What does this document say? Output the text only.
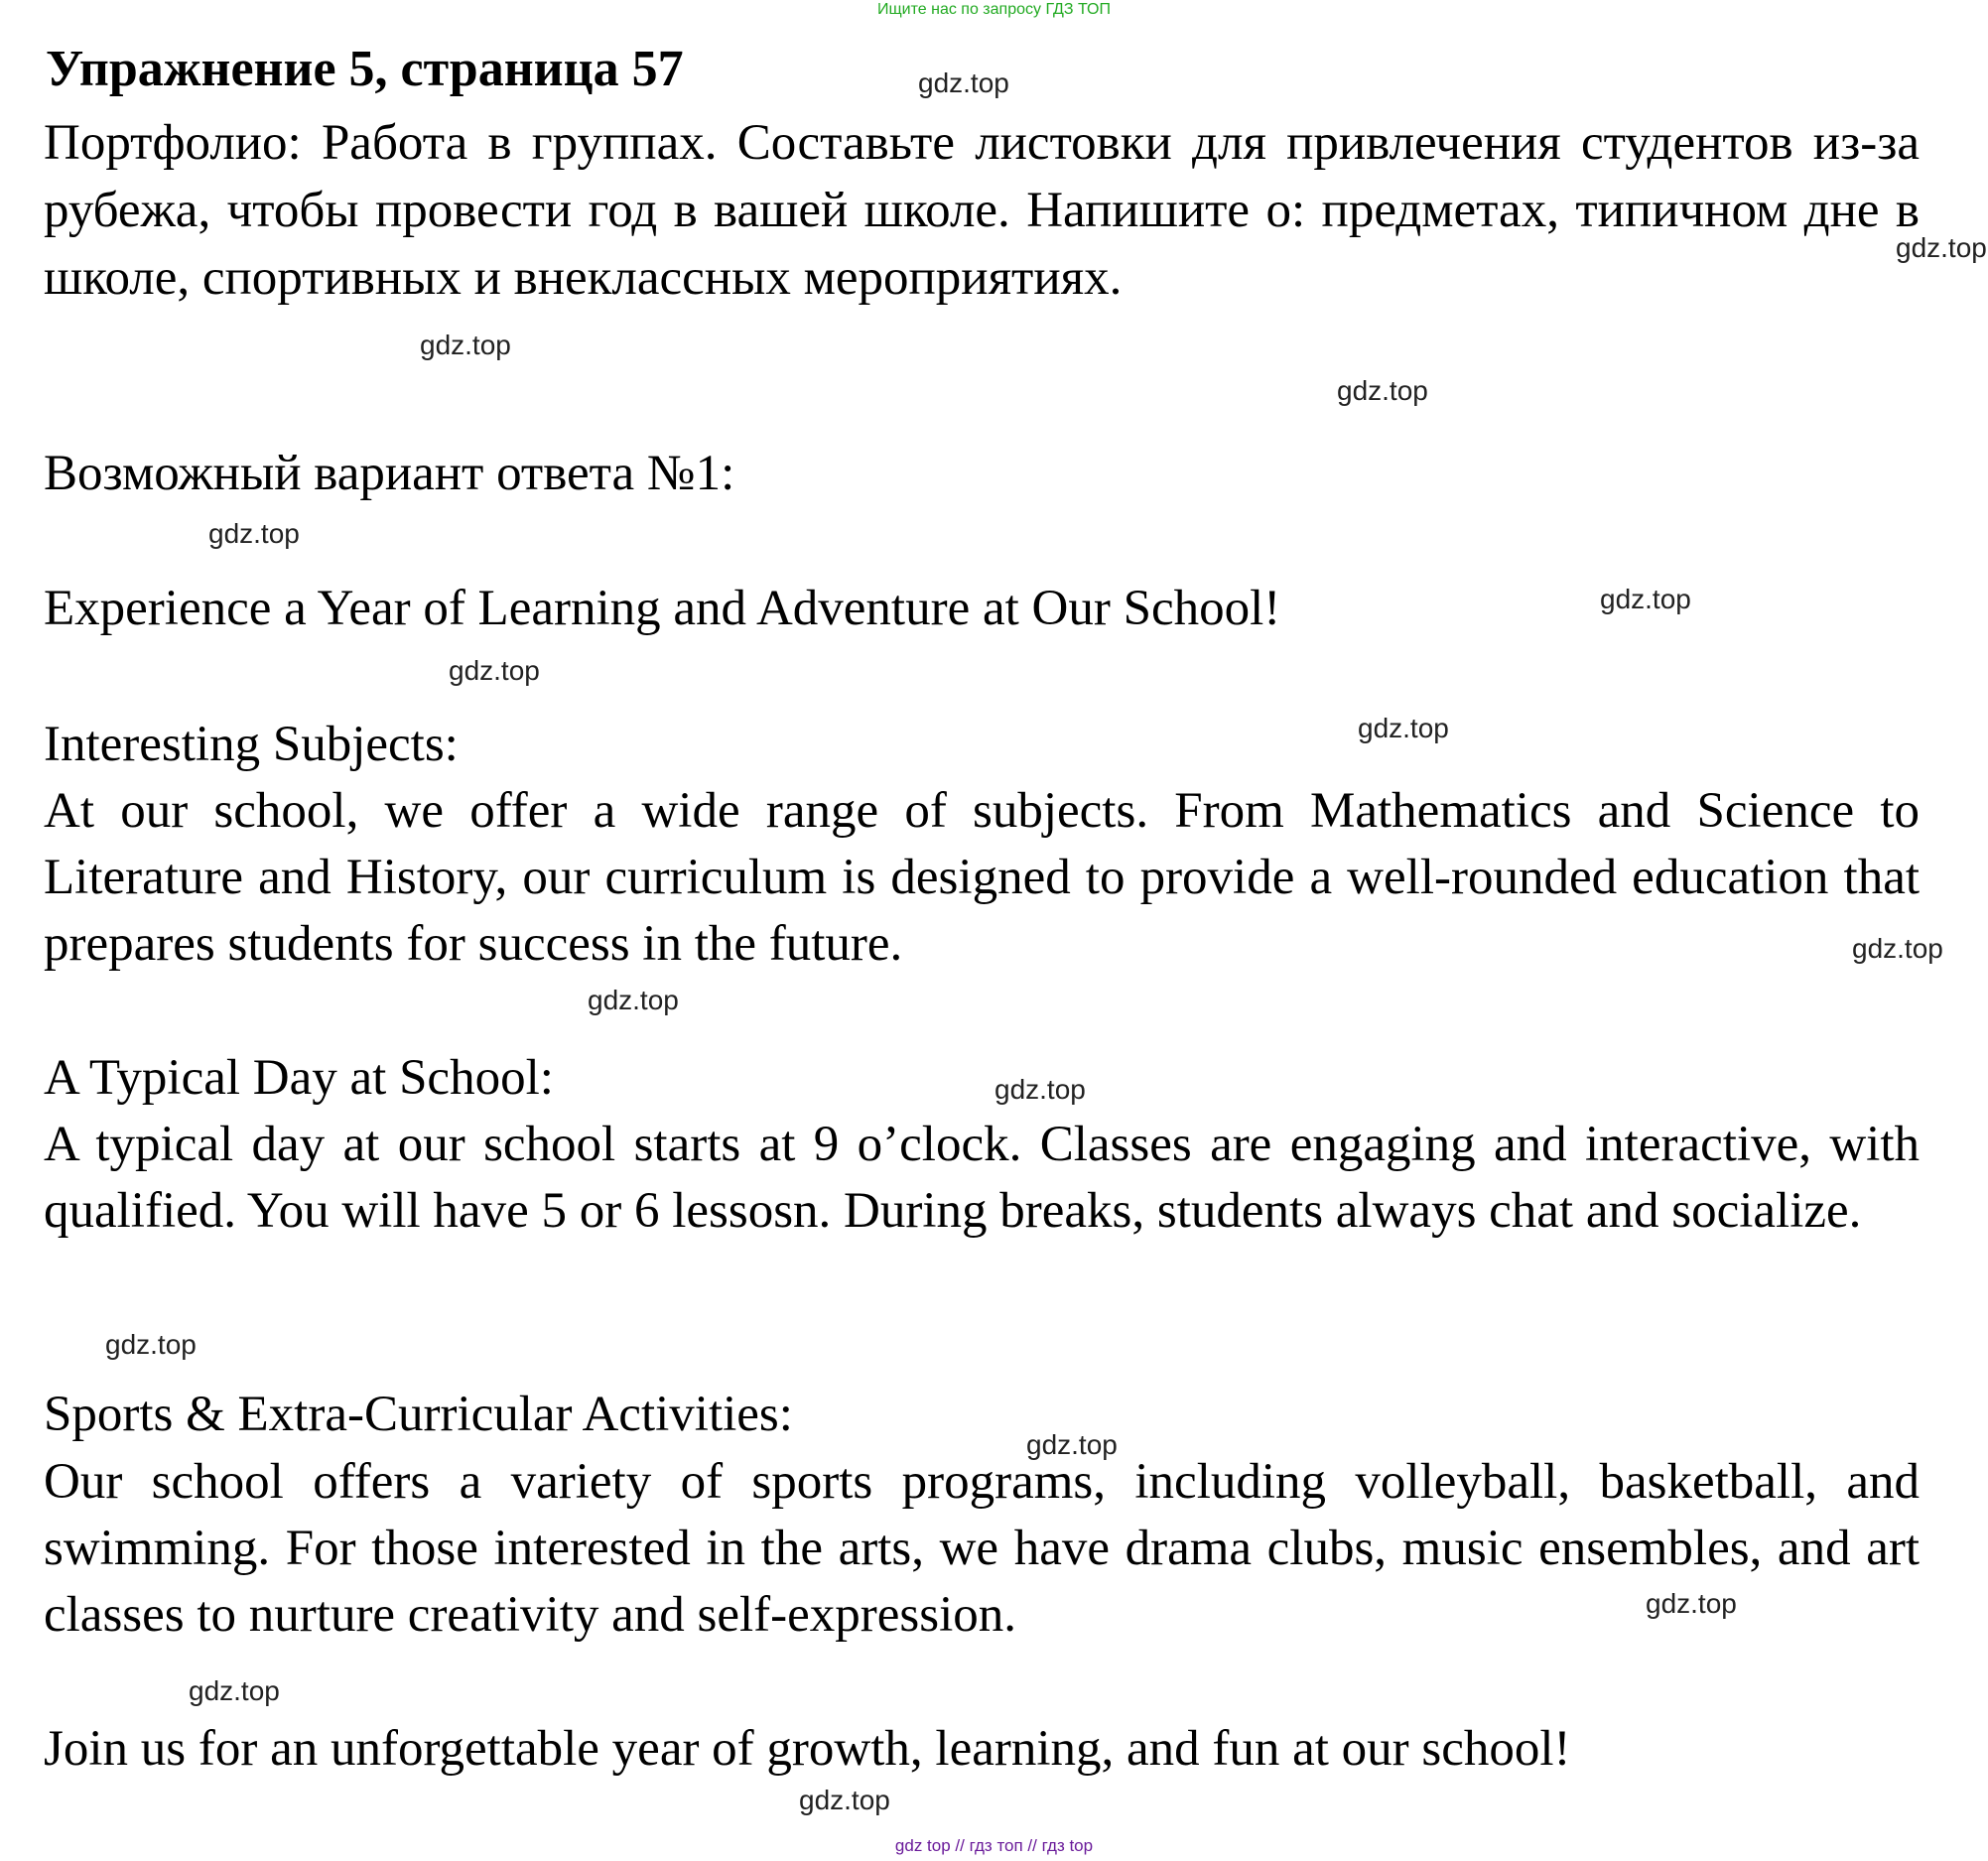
Ищите нас по запросу ГДЗ ТОП
Упражнение 5, страница 57

Портфолио: Работа в группах. Составьте листовки для привлечения студентов из-за рубежа, чтобы провести год в вашей школе. Напишите о: предметах, типичном дне в школе, спортивных и внеклассных мероприятиях.

Возможный вариант ответа №1:

Experience a Year of Learning and Adventure at Our School!

Interesting Subjects:

At our school, we offer a wide range of subjects. From Mathematics and Science to Literature and History, our curriculum is designed to provide a well-rounded education that prepares students for success in the future.

A Typical Day at School:

A typical day at our school starts at 9 o’clock. Classes are engaging and interactive, with qualified. You will have 5 or 6 lessosn. During breaks, students always chat and socialize.

Sports & Extra-Curricular Activities:

Our school offers a variety of sports programs, including volleyball, basketball, and swimming. For those interested in the arts, we have drama clubs, music ensembles, and art classes to nurture creativity and self-expression.

Join us for an unforgettable year of growth, learning, and fun at our school!

gdz.top
gdz.top
gdz.top
gdz.top
gdz.top
gdz.top
gdz.top
gdz.top
gdz.top
gdz.top
gdz.top
gdz.top
gdz.top
gdz.top
gdz.top
gdz.top
gdz top // гдз топ // гдз top
